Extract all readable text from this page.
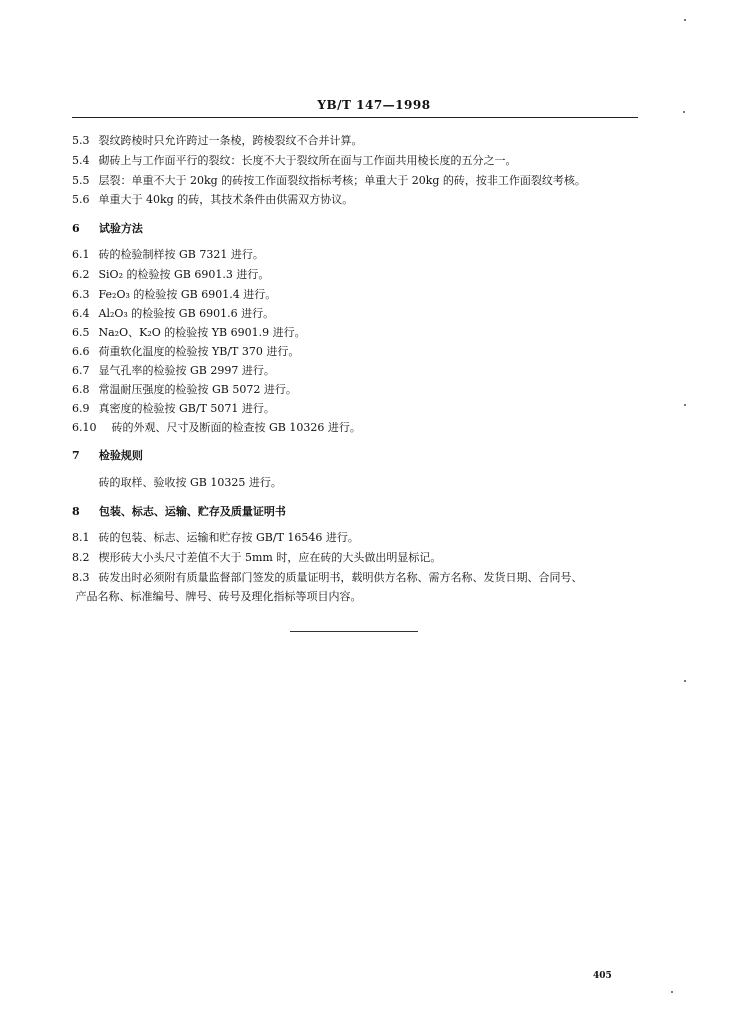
YB/T 147—1998
5.3 裂纹跨棱时只允许跨过一条棱，跨棱裂纹不合并计算。
5.4 砌砖上与工作面平行的裂纹：长度不大于裂纹所在面与工作面共用棱长度的五分之一。
5.5 层裂：单重不大于 20kg 的砖按工作面裂纹指标考核；单重大于 20kg 的砖，按非工作面裂纹考核。
5.6 单重大于 40kg 的砖，其技术条件由供需双方协议。
6 试验方法
6.1 砖的检验制样按 GB 7321 进行。
6.2 SiO₂ 的检验按 GB 6901.3 进行。
6.3 Fe₂O₃ 的检验按 GB 6901.4 进行。
6.4 Al₂O₃ 的检验按 GB 6901.6 进行。
6.5 Na₂O、K₂O 的检验按 YB 6901.9 进行。
6.6 荷重软化温度的检验按 YB/T 370 进行。
6.7 显气孔率的检验按 GB 2997 进行。
6.8 常温耐压强度的检验按 GB 5072 进行。
6.9 真密度的检验按 GB/T 5071 进行。
6.10 砖的外观、尺寸及断面的检查按 GB 10326 进行。
7 检验规则
砖的取样、验收按 GB 10325 进行。
8 包装、标志、运输、贮存及质量证明书
8.1 砖的包装、标志、运输和贮存按 GB/T 16546 进行。
8.2 楔形砖大小头尺寸差值不大于 5mm 时，应在砖的大头做出明显标记。
8.3 砖发出时必须附有质量监督部门签发的质量证明书，载明供方名称、需方名称、发货日期、合同号、
产品名称、标准编号、牌号、砖号及理化指标等项目内容。
405
